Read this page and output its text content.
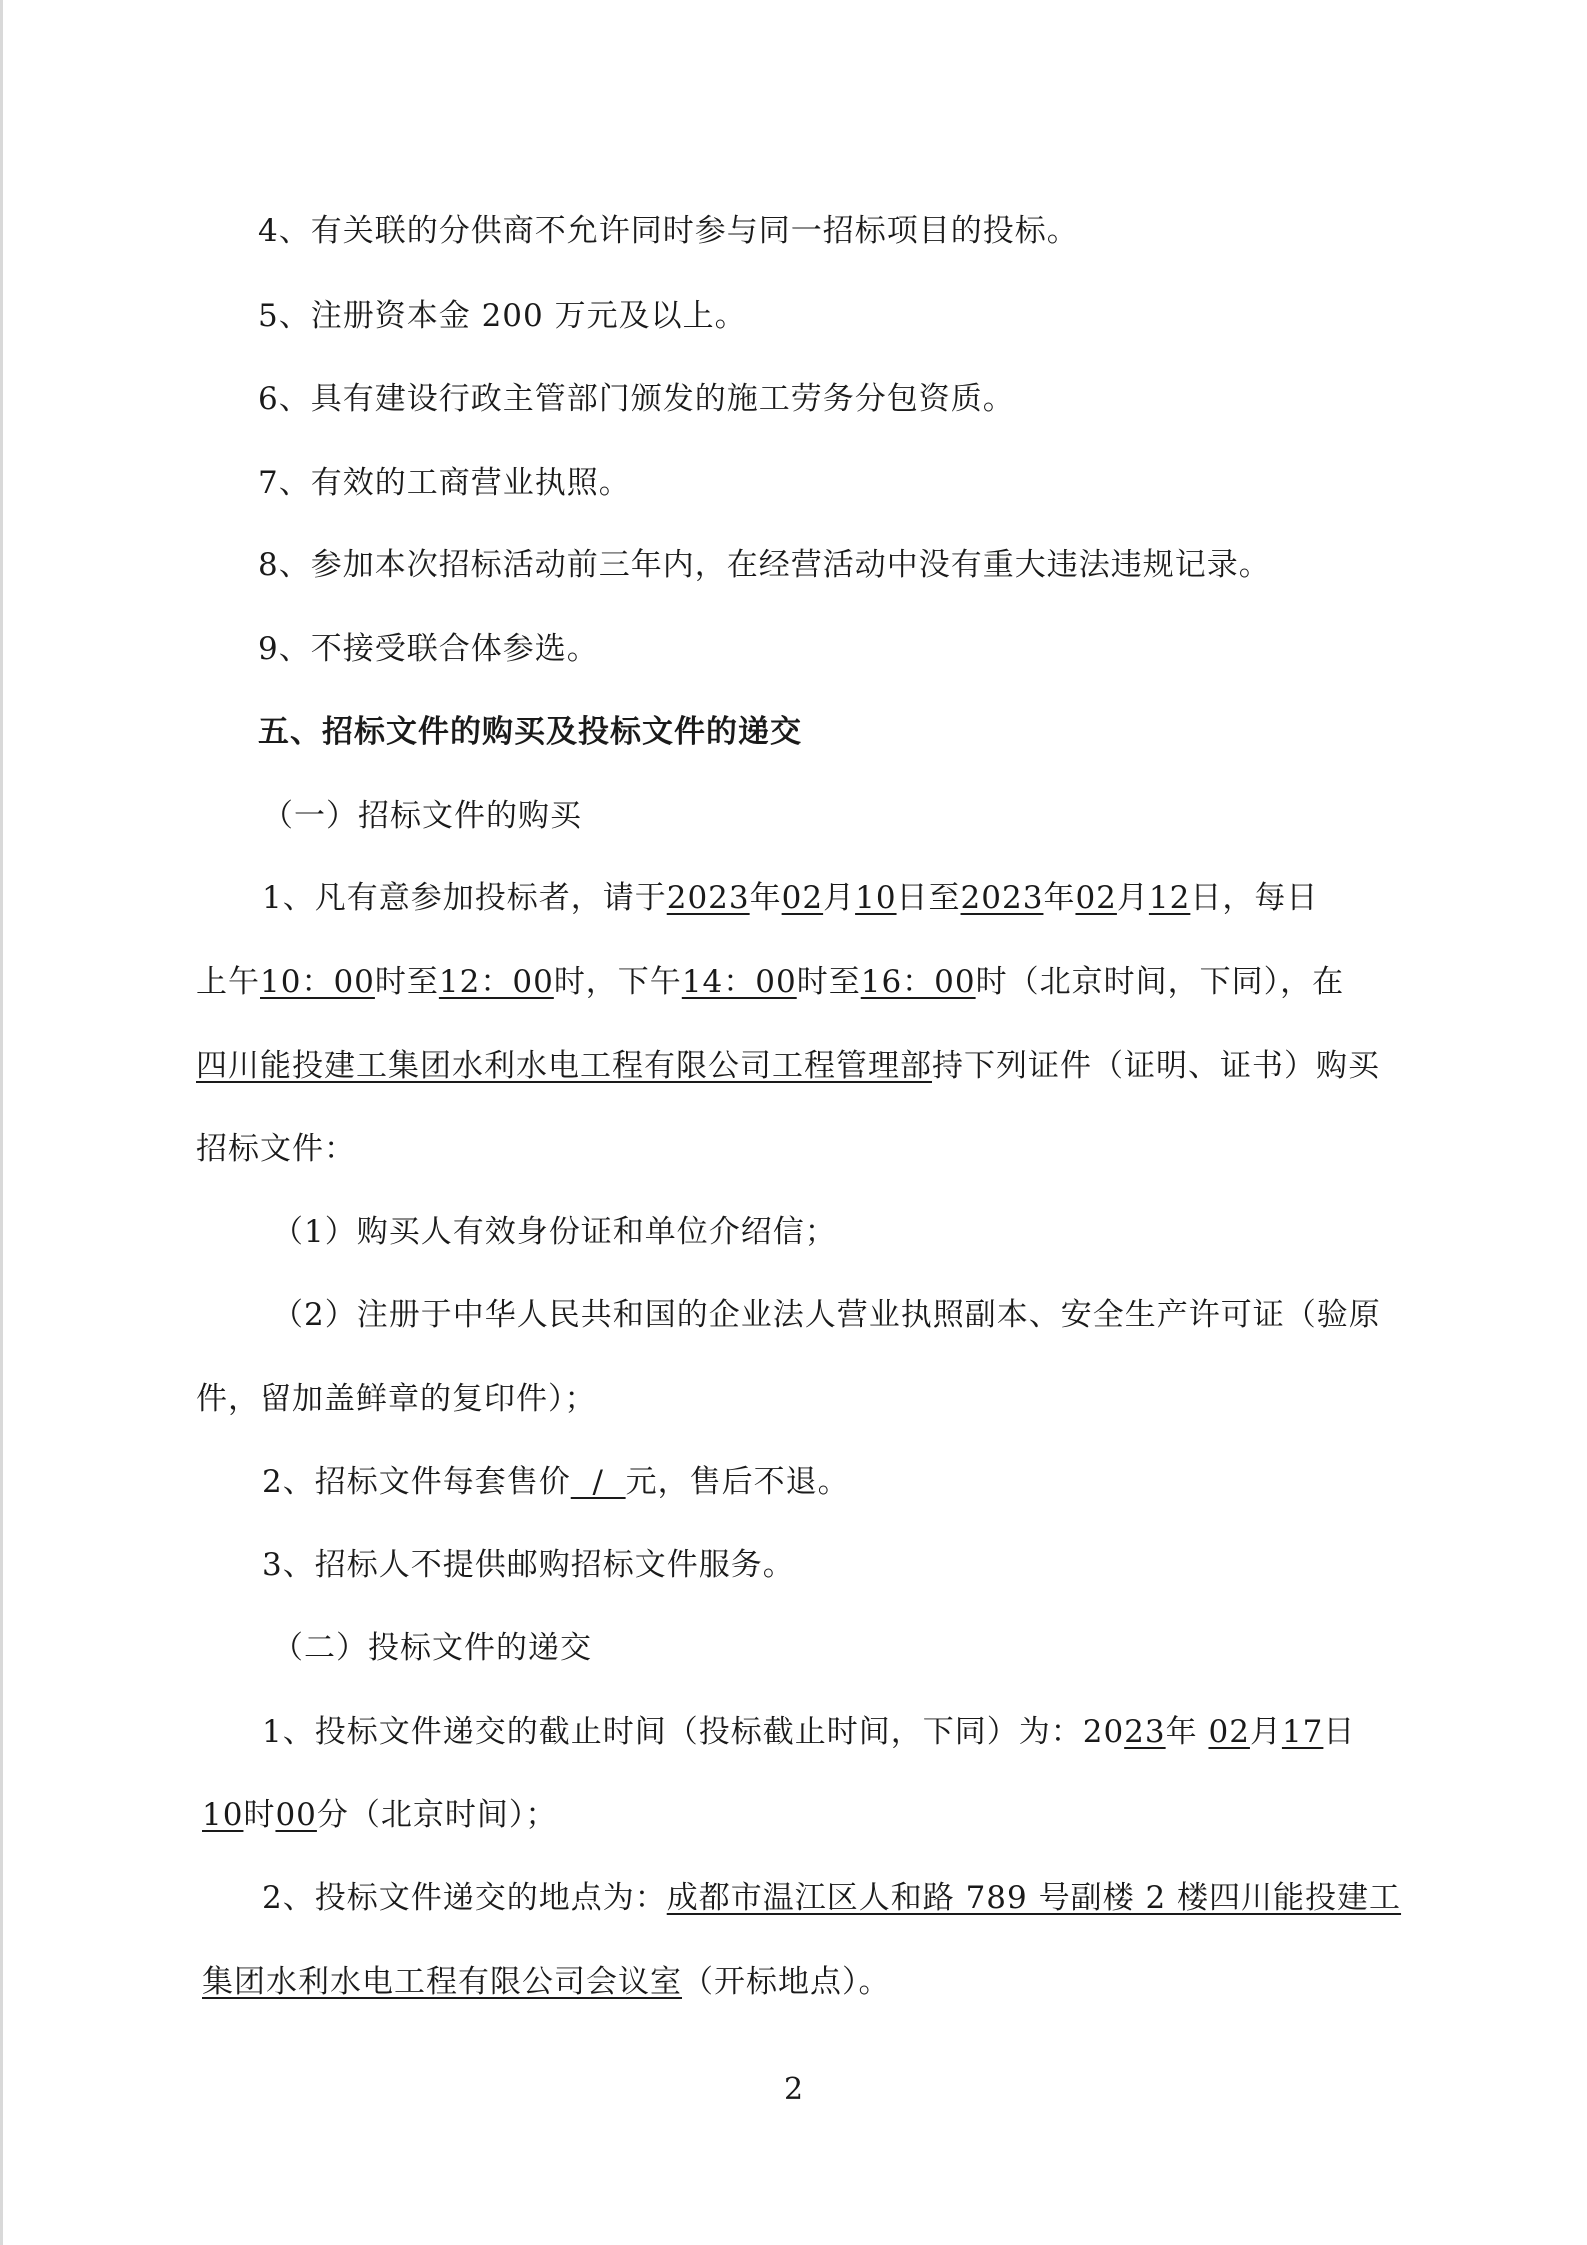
4、有关联的分供商不允许同时参与同一招标项目的投标。
5、注册资本金 200 万元及以上。
6、具有建设行政主管部门颁发的施工劳务分包资质。
7、有效的工商营业执照。
8、参加本次招标活动前三年内，在经营活动中没有重大违法违规记录。
9、不接受联合体参选。
五、招标文件的购买及投标文件的递交
（一）招标文件的购买
1、凡有意参加投标者，请于2023年02月10日至2023年02月12日，每日
上午10：00时至12：00时，下午14：00时至16：00时（北京时间，下同），在
四川能投建工集团水利水电工程有限公司工程管理部持下列证件（证明、证书）购买
招标文件：
（1）购买人有效身份证和单位介绍信；
（2）注册于中华人民共和国的企业法人营业执照副本、安全生产许可证（验原
件，留加盖鲜章的复印件）；
2、招标文件每套售价  /  元，售后不退。
3、招标人不提供邮购招标文件服务。
（二）投标文件的递交
1、投标文件递交的截止时间（投标截止时间，下同）为：2023年 02月17日
10时00分（北京时间）；
2、投标文件递交的地点为：成都市温江区人和路 789 号副楼 2 楼四川能投建工
集团水利水电工程有限公司会议室（开标地点）。
2
